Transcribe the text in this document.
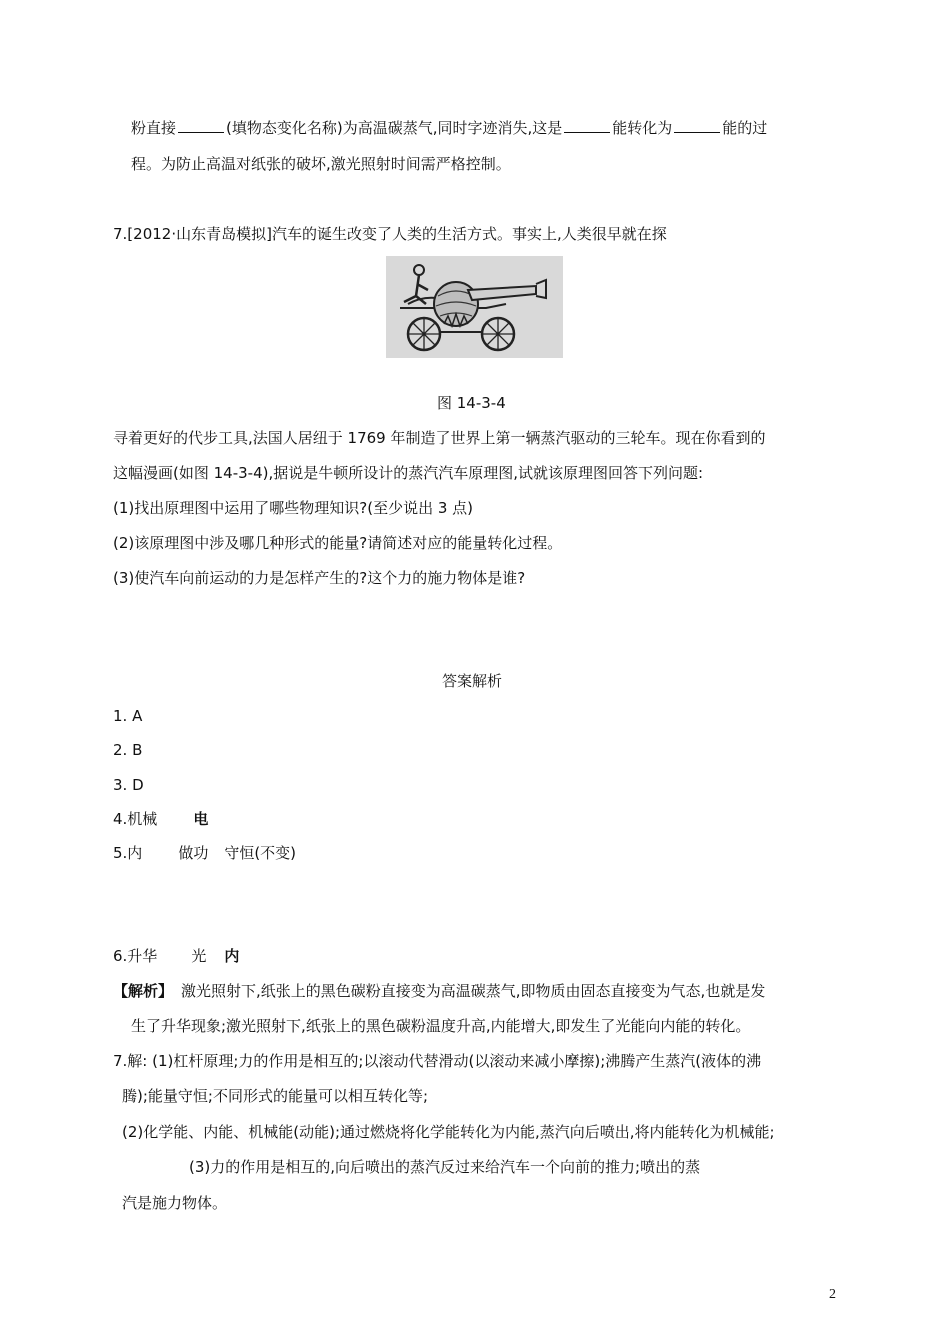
粉直接	(填物态变化名称)为高温碳蒸气,同时字迹消失,这是	能转化为	能的过
程。为防止高温对纸张的破坏,激光照射时间需严格控制。
7.[2012·山东青岛模拟]汽车的诞生改变了人类的生活方式。事实上,人类很早就在探
图 14-3-4
寻着更好的代步工具,法国人居纽于 1769 年制造了世界上第一辆蒸汽驱动的三轮车。现在你看到的
这幅漫画(如图 14-3-4),据说是牛顿所设计的蒸汽汽车原理图,试就该原理图回答下列问题:
(1)找出原理图中运用了哪些物理知识?(至少说出 3 点)
(2)该原理图中涉及哪几种形式的能量?请简述对应的能量转化过程。
(3)使汽车向前运动的力是怎样产生的?这个力的施力物体是谁?
答案解析
1. A
2. B
3. D
4.机械 电
5.内 做功 守恒(不变)
6.升华 光 内
【解析】 激光照射下,纸张上的黑色碳粉直接变为高温碳蒸气,即物质由固态直接变为气态,也就是发
生了升华现象;激光照射下,纸张上的黑色碳粉温度升高,内能增大,即发生了光能向内能的转化。
7.解: (1)杠杆原理;力的作用是相互的;以滚动代替滑动(以滚动来减小摩擦);沸腾产生蒸汽(液体的沸
腾);能量守恒;不同形式的能量可以相互转化等;
(2)化学能、内能、机械能(动能);通过燃烧将化学能转化为内能,蒸汽向后喷出,将内能转化为机械能;
(3)力的作用是相互的,向后喷出的蒸汽反过来给汽车一个向前的推力;喷出的蒸
汽是施力物体。
2
